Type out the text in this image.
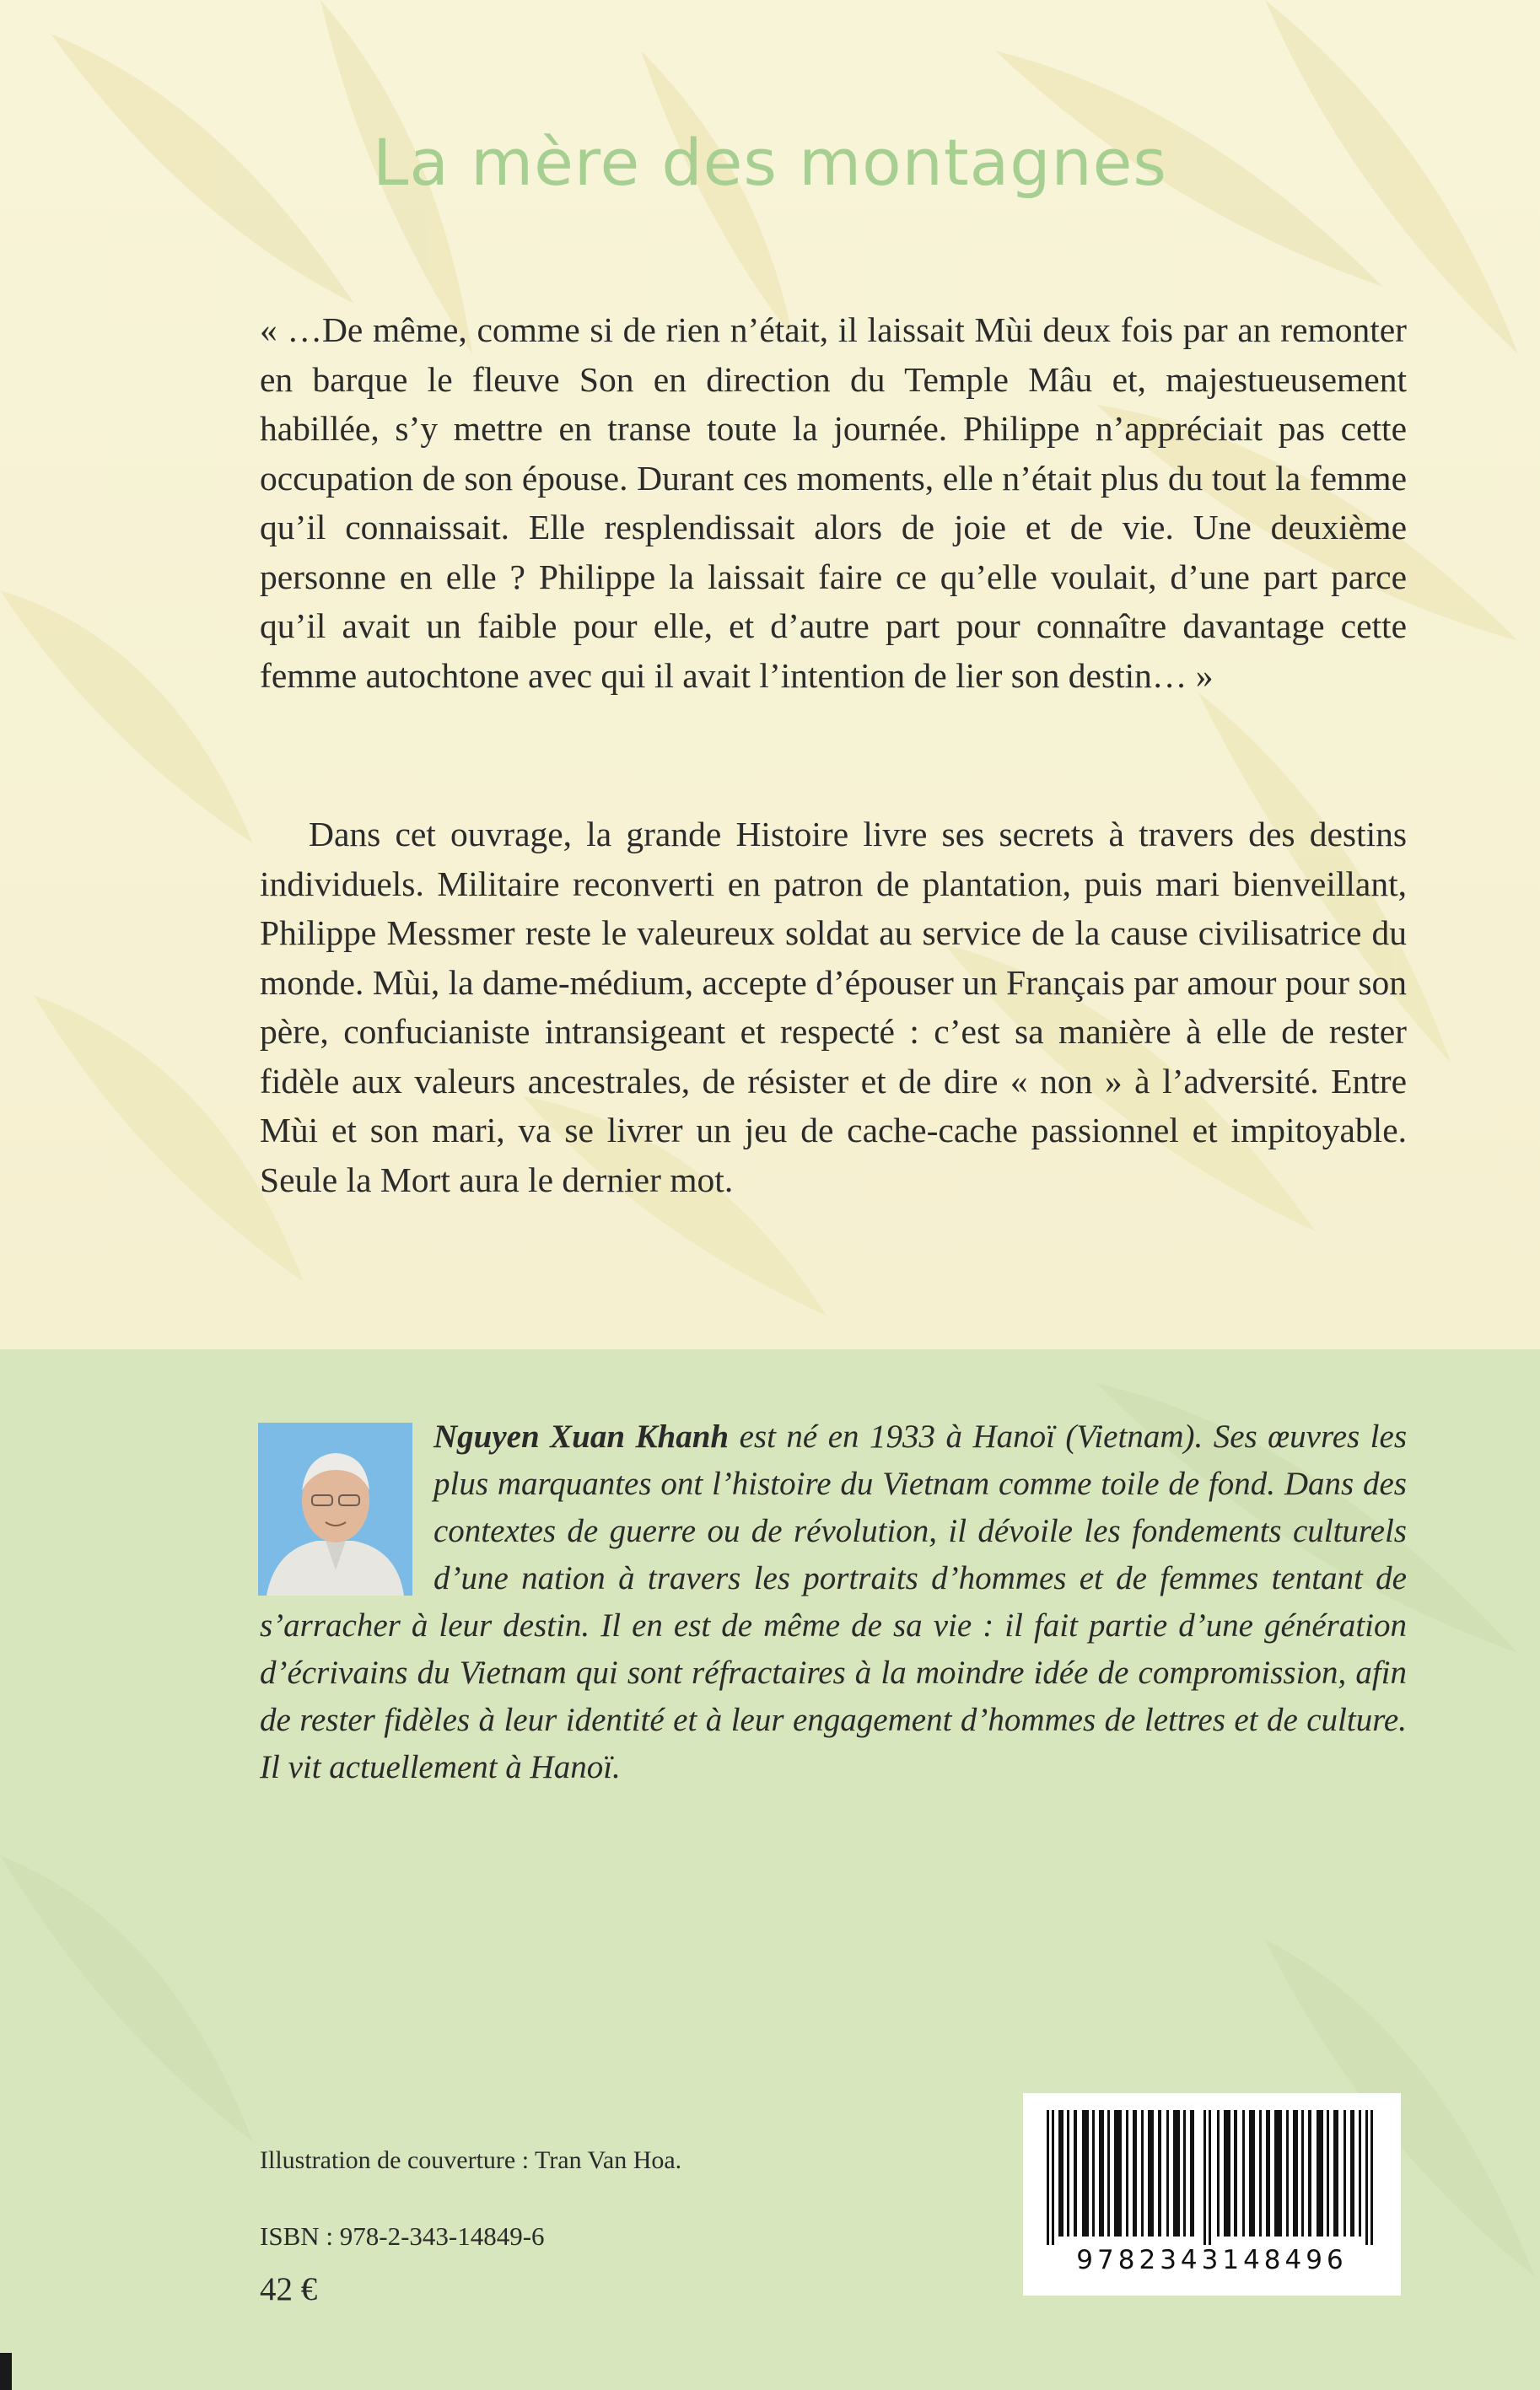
La mère des montagnes

« …De même, comme si de rien n’était, il laissait Mùi deux fois par an remonter en barque le fleuve Son en direction du Temple Mâu et, majestueusement habillée, s’y mettre en transe toute la journée. Philippe n’appréciait pas cette occupation de son épouse. Durant ces moments, elle n’était plus du tout la femme qu’il connaissait. Elle resplendissait alors de joie et de vie. Une deuxième personne en elle ? Philippe la laissait faire ce qu’elle voulait, d’une part parce qu’il avait un faible pour elle, et d’autre part pour connaître davantage cette femme autochtone avec qui il avait l’intention de lier son destin… »

Dans cet ouvrage, la grande Histoire livre ses secrets à travers des destins individuels. Militaire reconverti en patron de plantation, puis mari bienveillant, Philippe Messmer reste le valeureux soldat au service de la cause civilisatrice du monde. Mùi, la dame-médium, accepte d’épouser un Français par amour pour son père, confucianiste intransigeant et respecté : c’est sa manière à elle de rester fidèle aux valeurs ancestrales, de résister et de dire « non » à l’adversité. Entre Mùi et son mari, va se livrer un jeu de cache-cache passionnel et impitoyable. Seule la Mort aura le dernier mot.

Nguyen Xuan Khanh est né en 1933 à Hanoï (Vietnam). Ses œuvres les plus marquantes ont l’histoire du Vietnam comme toile de fond. Dans des contextes de guerre ou de révolution, il dévoile les fondements culturels d’une nation à travers les portraits d’hommes et de femmes tentant de s’arracher à leur destin. Il en est de même de sa vie : il fait partie d’une génération d’écrivains du Vietnam qui sont réfractaires à la moindre idée de compromission, afin de rester fidèles à leur identité et à leur engagement d’hommes de lettres et de culture. Il vit actuellement à Hanoï.

Illustration de couverture : Tran Van Hoa.

ISBN : 978-2-343-14849-6

42 €

9782343148496
